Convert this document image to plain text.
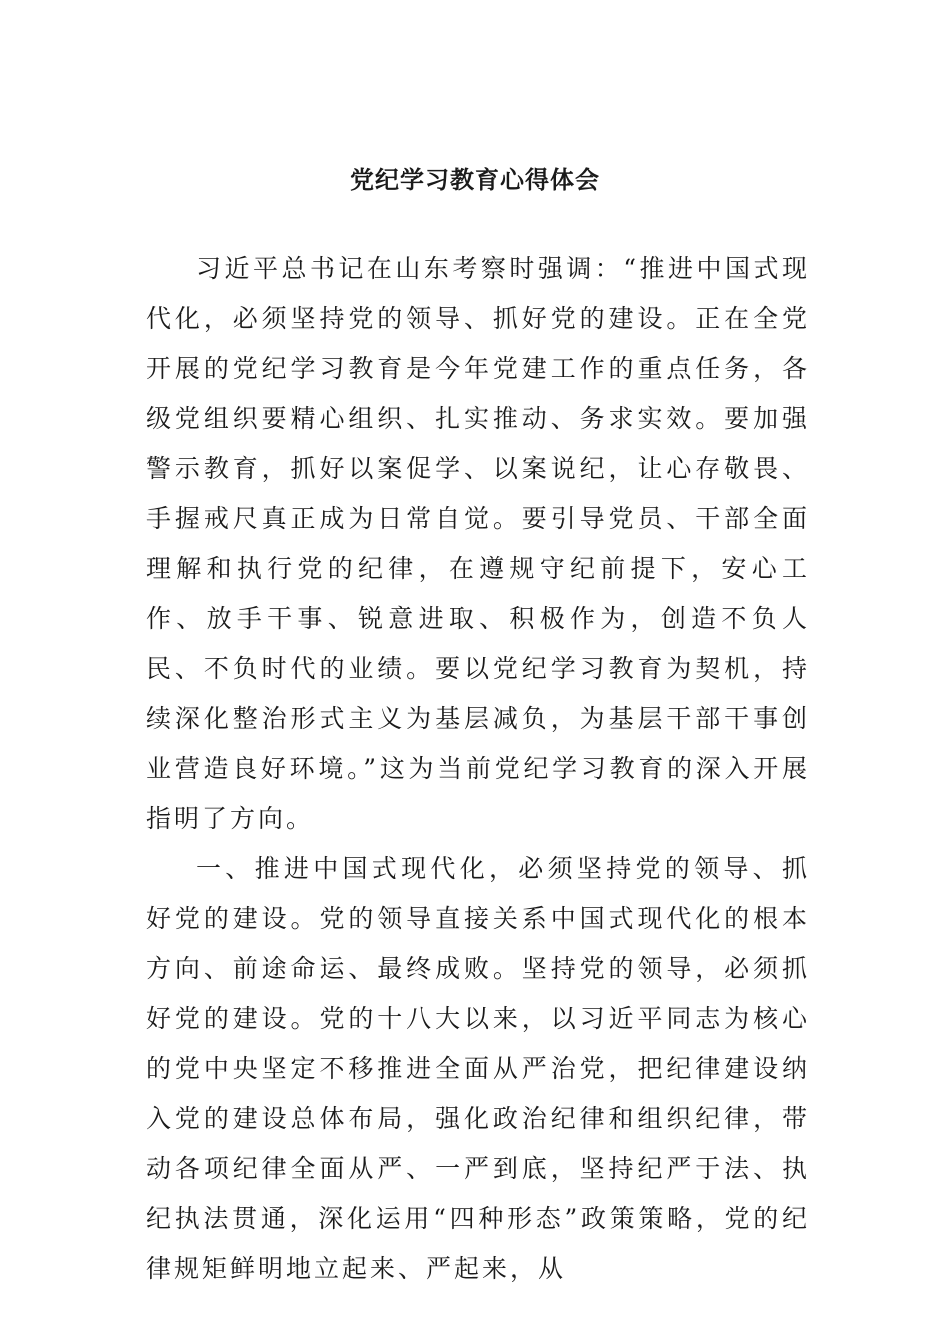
党纪学习教育心得体会

习近平总书记在山东考察时强调：“推进中国式现代化，必须坚持党的领导、抓好党的建设。正在全党开展的党纪学习教育是今年党建工作的重点任务，各级党组织要精心组织、扎实推动、务求实效。要加强警示教育，抓好以案促学、以案说纪，让心存敬畏、手握戒尺真正成为日常自觉。要引导党员、干部全面理解和执行党的纪律，在遵规守纪前提下，安心工作、放手干事、锐意进取、积极作为，创造不负人民、不负时代的业绩。要以党纪学习教育为契机，持续深化整治形式主义为基层减负，为基层干部干事创业营造良好环境。”这为当前党纪学习教育的深入开展指明了方向。

一、推进中国式现代化，必须坚持党的领导、抓好党的建设。党的领导直接关系中国式现代化的根本方向、前途命运、最终成败。坚持党的领导，必须抓好党的建设。党的十八大以来，以习近平同志为核心的党中央坚定不移推进全面从严治党，把纪律建设纳入党的建设总体布局，强化政治纪律和组织纪律，带动各项纪律全面从严、一严到底，坚持纪严于法、执纪执法贯通，深化运用“四种形态”政策策略，党的纪律规矩鲜明地立起来、严起来，从
